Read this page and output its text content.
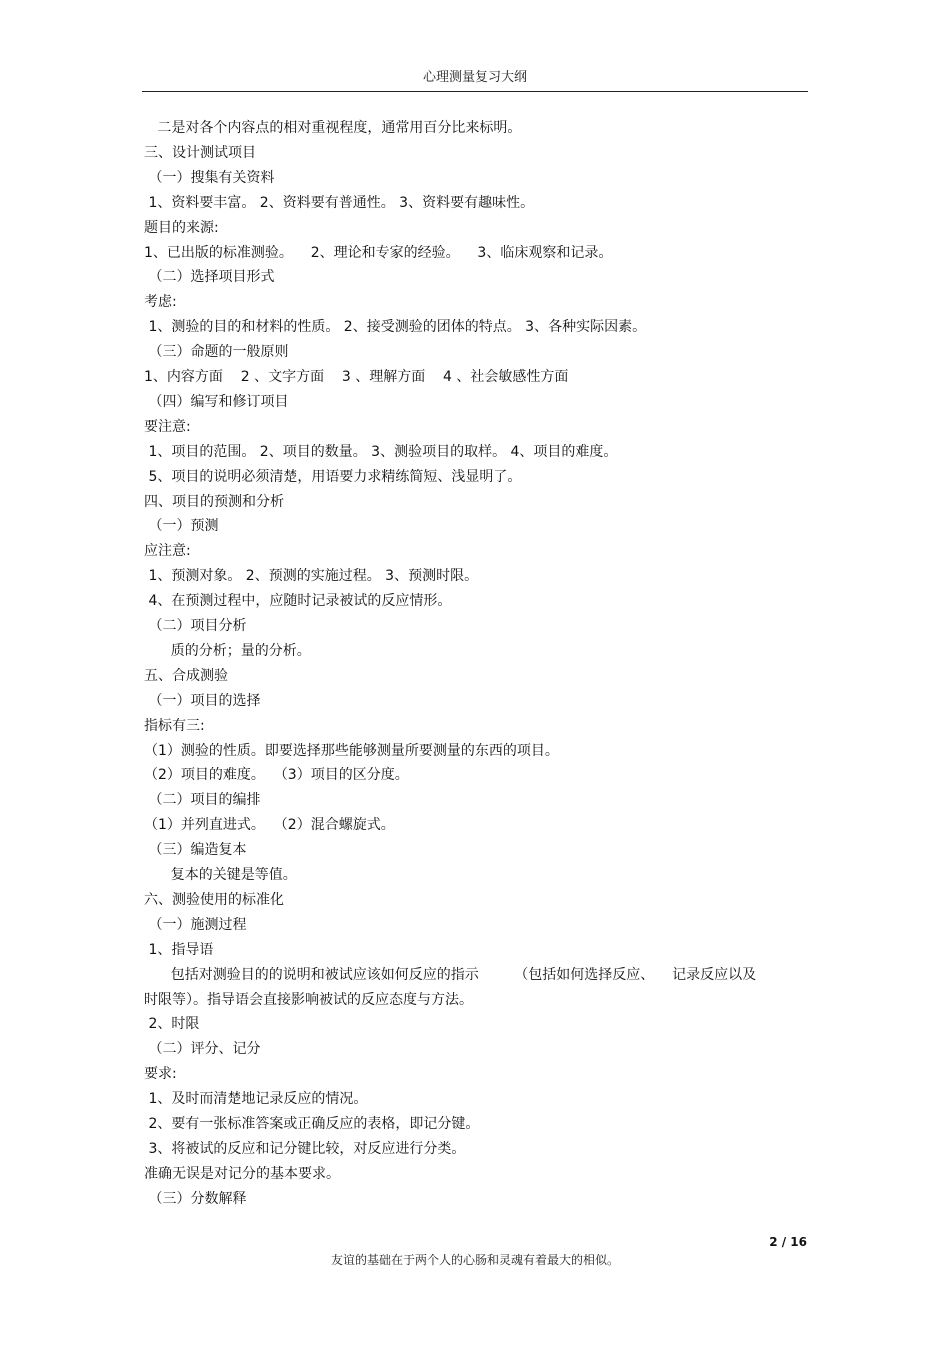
心理测量复习大纲
二是对各个内容点的相对重视程度，通常用百分比来标明。
三、设计测试项目
（一）搜集有关资料
1、资料要丰富。 2、资料要有普通性。 3、资料要有趣味性。
题目的来源:
1、已出版的标准测验。    2、理论和专家的经验。    3、临床观察和记录。
（二）选择项目形式
考虑:
1、测验的目的和材料的性质。 2、接受测验的团体的特点。 3、各种实际因素。
（三）命题的一般原则
1、内容方面    2 、文字方面    3 、理解方面    4 、社会敏感性方面
（四）编写和修订项目
要注意:
1、项目的范围。 2、项目的数量。 3、测验项目的取样。 4、项目的难度。
5、项目的说明必须清楚，用语要力求精练简短、浅显明了。
四、项目的预测和分析
（一）预测
应注意:
1、预测对象。 2、预测的实施过程。 3、预测时限。
4、在预测过程中，应随时记录被试的反应情形。
（二）项目分析
质的分析；量的分析。
五、合成测验
（一）项目的选择
指标有三:
（1）测验的性质。即要选择那些能够测量所要测量的东西的项目。
（2）项目的难度。  （3）项目的区分度。
（二）项目的编排
（1）并列直进式。  （2）混合螺旋式。
（三）编造复本
复本的关键是等值。
六、测验使用的标准化
（一）施测过程
1、指导语
包括对测验目的的说明和被试应该如何反应的指示        （包括如何选择反应、    记录反应以及
时限等）。指导语会直接影响被试的反应态度与方法。
2、时限
（二）评分、记分
要求:
1、及时而清楚地记录反应的情况。
2、要有一张标准答案或正确反应的表格，即记分键。
3、将被试的反应和记分键比较，对反应进行分类。
准确无误是对记分的基本要求。
（三）分数解释
2 / 16
友谊的基础在于两个人的心肠和灵魂有着最大的相似。
